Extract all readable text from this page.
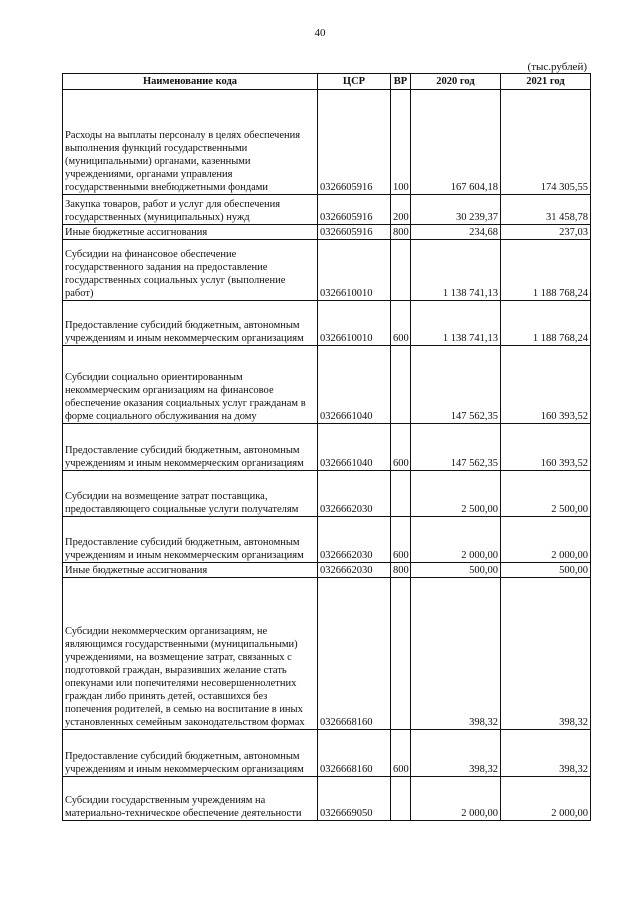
40
(тыс.рублей)
Наименование кода	ЦСР	ВР	2020 год	2021 год
Расходы на выплаты персоналу в целях обеспечения выполнения функций государственными (муниципальными) органами, казенными учреждениями, органами управления государственными внебюджетными фондами	0326605916	100	167 604,18	174 305,55
Закупка товаров, работ и услуг для обеспечения государственных (муниципальных) нужд	0326605916	200	30 239,37	31 458,78
Иные бюджетные ассигнования	0326605916	800	234,68	237,03
Субсидии на финансовое обеспечение государственного задания на предоставление государственных социальных услуг (выполнение работ)	0326610010		1 138 741,13	1 188 768,24
Предоставление субсидий бюджетным, автономным учреждениям и иным некоммерческим организациям	0326610010	600	1 138 741,13	1 188 768,24
Субсидии социально ориентированным некоммерческим организациям на финансовое обеспечение оказания социальных услуг гражданам в форме социального обслуживания на дому	0326661040		147 562,35	160 393,52
Предоставление субсидий бюджетным, автономным учреждениям и иным некоммерческим организациям	0326661040	600	147 562,35	160 393,52
Субсидии на возмещение затрат поставщика, предоставляющего социальные услуги получателям	0326662030		2 500,00	2 500,00
Предоставление субсидий бюджетным, автономным учреждениям и иным некоммерческим организациям	0326662030	600	2 000,00	2 000,00
Иные бюджетные ассигнования	0326662030	800	500,00	500,00
Субсидии некоммерческим организациям, не являющимся государственными (муниципальными) учреждениями, на возмещение затрат, связанных с подготовкой граждан, выразивших желание стать опекунами или попечителями несовершеннолетних граждан либо принять детей, оставшихся без попечения родителей, в семью на воспитание в иных установленных семейным законодательством формах	0326668160		398,32	398,32
Предоставление субсидий бюджетным, автономным учреждениям и иным некоммерческим организациям	0326668160	600	398,32	398,32
Субсидии государственным учреждениям на материально-техническое обеспечение деятельности	0326669050		2 000,00	2 000,00
